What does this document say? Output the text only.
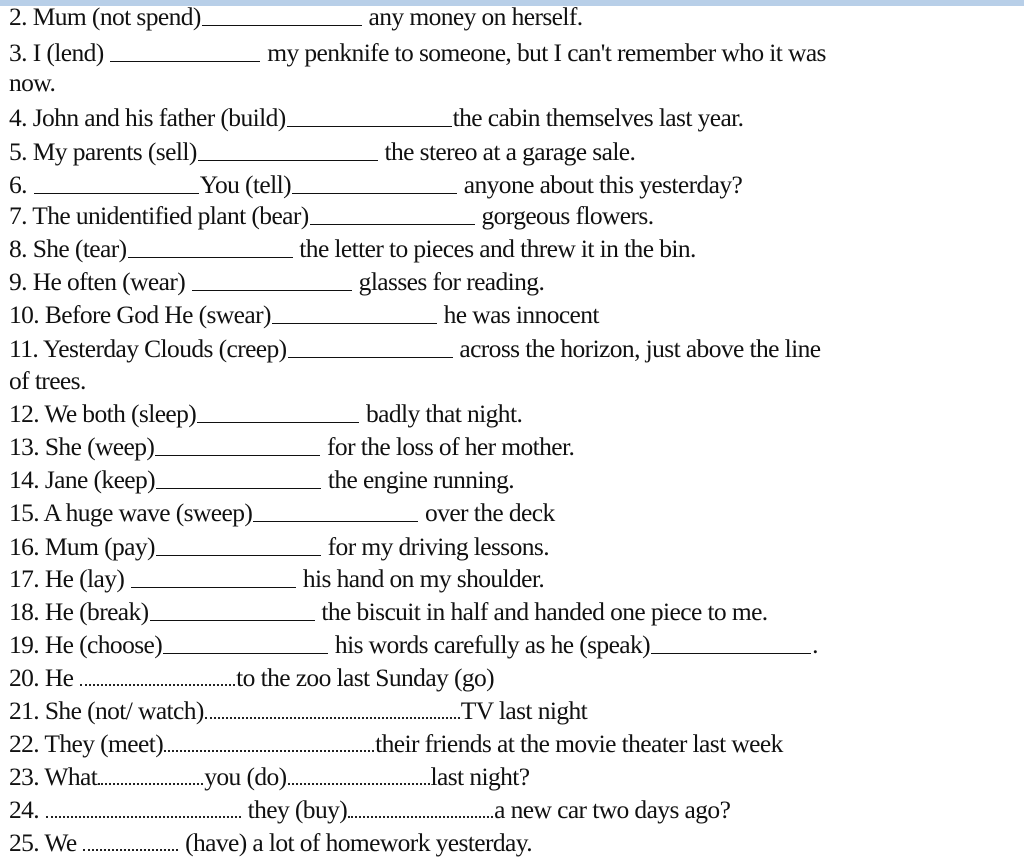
2. Mum (not spend)	any money on herself.
3. I (lend)	my penknife to someone, but I can't remember who it was
now.
4. John and his father (build)	the cabin themselves last year.
5. My parents (sell)	the stereo at a garage sale.
6.	You (tell)	anyone about this yesterday?
7. The unidentified plant (bear)	gorgeous flowers.
8. She (tear)	the letter to pieces and threw it in the bin.
9. He often (wear)	glasses for reading.
10. Before God He (swear)	he was innocent
11. Yesterday Clouds (creep)	across the horizon, just above the line
of trees.
12. We both (sleep)	badly that night.
13. She (weep)	for the loss of her mother.
14. Jane (keep)	the engine running.
15. A huge wave (sweep)	over the deck
16. Mum (pay)	for my driving lessons.
17. He (lay)	his hand on my shoulder.
18. He (break)	the biscuit in half and handed one piece to me.
19. He (choose)	his words carefully as he (speak)	.
20. He	to the zoo last Sunday (go)
21. She (not/ watch)	TV last night
22. They (meet)	their friends at the movie theater last week
23. What	you (do)	last night?
24.	they (buy)	a new car two days ago?
25. We	(have) a lot of homework yesterday.
